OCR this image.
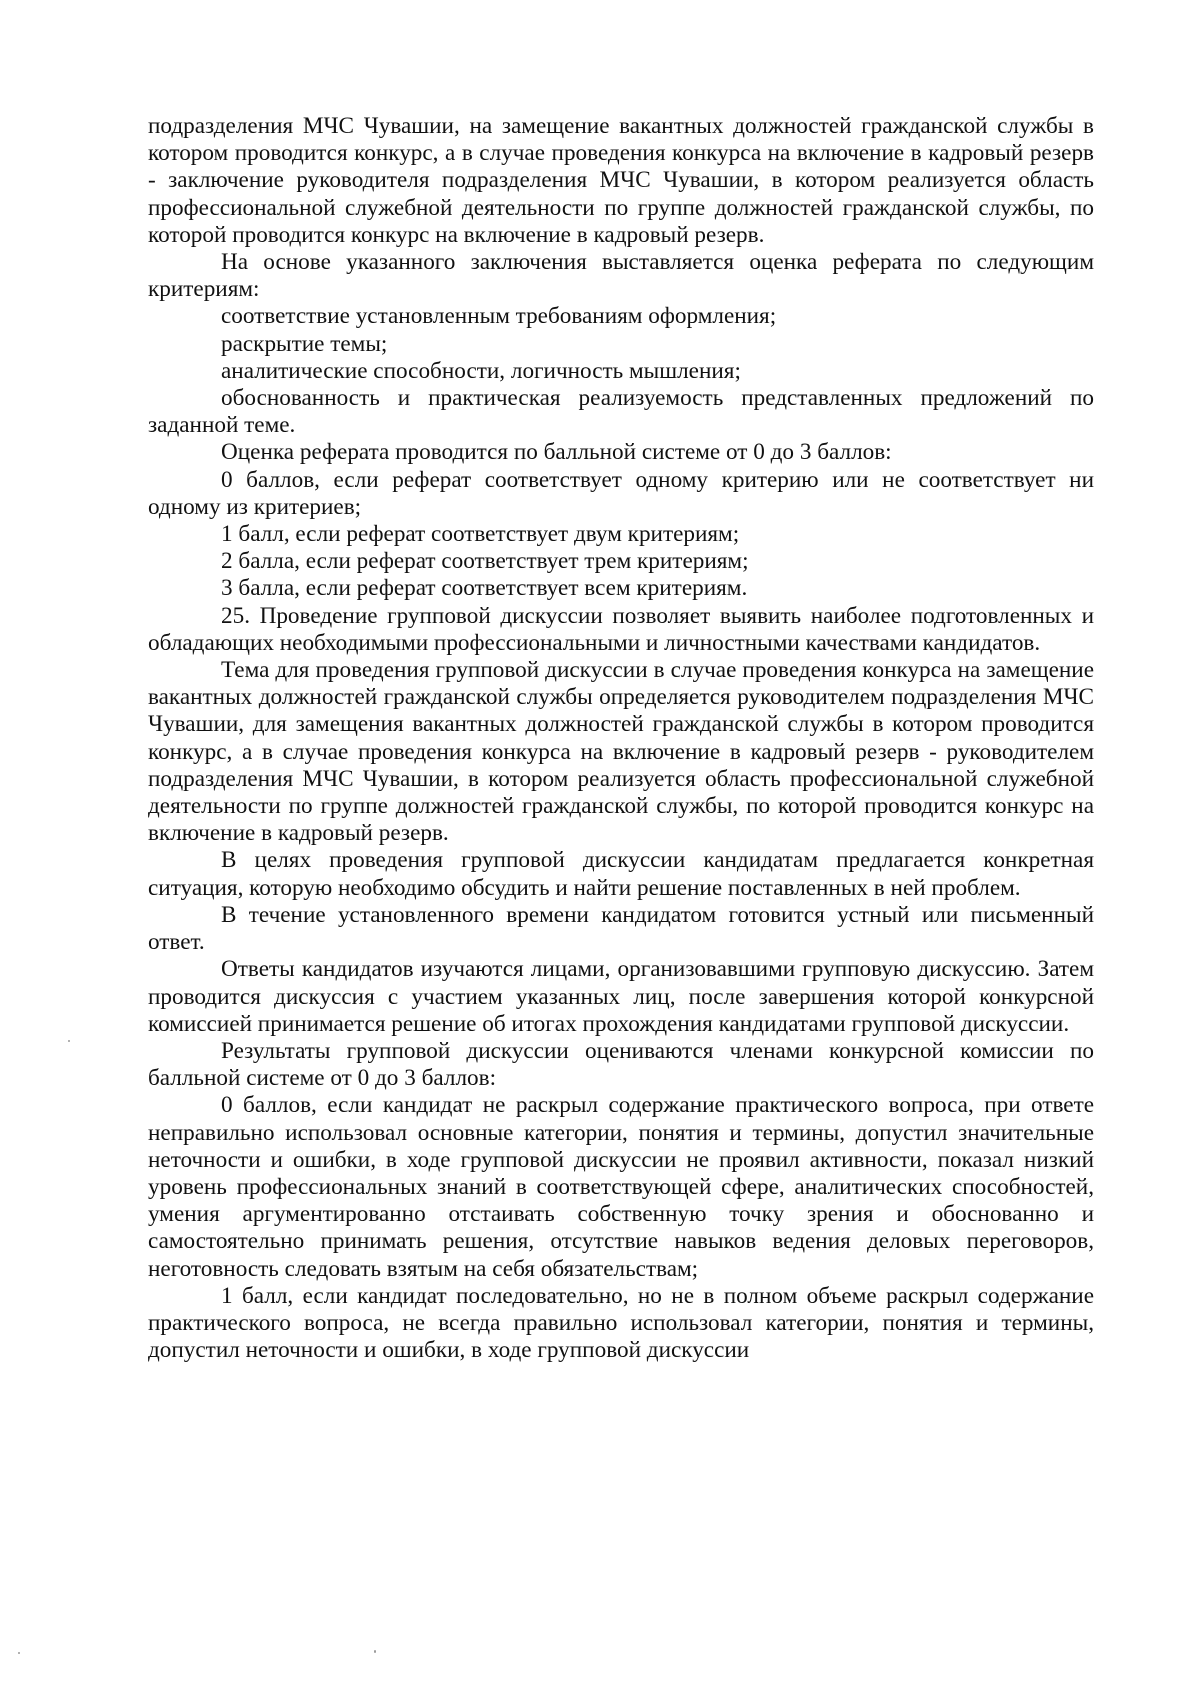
подразделения МЧС Чувашии, на замещение вакантных должностей гражданской службы в котором проводится конкурс, а в случае проведения конкурса на включение в кадровый резерв - заключение руководителя подразделения МЧС Чувашии, в котором реализуется область профессиональной служебной деятельности по группе должностей гражданской службы, по которой проводится конкурс на включение в кадровый резерв.

На основе указанного заключения выставляется оценка реферата по следующим критериям:

соответствие установленным требованиям оформления;

раскрытие темы;

аналитические способности, логичность мышления;

обоснованность и практическая реализуемость представленных предложений по заданной теме.

Оценка реферата проводится по балльной системе от 0 до 3 баллов:

0 баллов, если реферат соответствует одному критерию или не соответствует ни одному из критериев;

1 балл, если реферат соответствует двум критериям;

2 балла, если реферат соответствует трем критериям;

3 балла, если реферат соответствует всем критериям.

25. Проведение групповой дискуссии позволяет выявить наиболее подготовленных и обладающих необходимыми профессиональными и личностными качествами кандидатов.

Тема для проведения групповой дискуссии в случае проведения конкурса на замещение вакантных должностей гражданской службы определяется руководителем подразделения МЧС Чувашии, для замещения вакантных должностей гражданской службы в котором проводится конкурс, а в случае проведения конкурса на включение в кадровый резерв - руководителем подразделения МЧС Чувашии, в котором реализуется область профессиональной служебной деятельности по группе должностей гражданской службы, по которой проводится конкурс на включение в кадровый резерв.

В целях проведения групповой дискуссии кандидатам предлагается конкретная ситуация, которую необходимо обсудить и найти решение поставленных в ней проблем.

В течение установленного времени кандидатом готовится устный или письменный ответ.

Ответы кандидатов изучаются лицами, организовавшими групповую дискуссию. Затем проводится дискуссия с участием указанных лиц, после завершения которой конкурсной комиссией принимается решение об итогах прохождения кандидатами групповой дискуссии.

Результаты групповой дискуссии оцениваются членами конкурсной комиссии по балльной системе от 0 до 3 баллов:

0 баллов, если кандидат не раскрыл содержание практического вопроса, при ответе неправильно использовал основные категории, понятия и термины, допустил значительные неточности и ошибки, в ходе групповой дискуссии не проявил активности, показал низкий уровень профессиональных знаний в соответствующей сфере, аналитических способностей, умения аргументированно отстаивать собственную точку зрения и обоснованно и самостоятельно принимать решения, отсутствие навыков ведения деловых переговоров, неготовность следовать взятым на себя обязательствам;

1 балл, если кандидат последовательно, но не в полном объеме раскрыл содержание практического вопроса, не всегда правильно использовал категории, понятия и термины, допустил неточности и ошибки, в ходе групповой дискуссии
